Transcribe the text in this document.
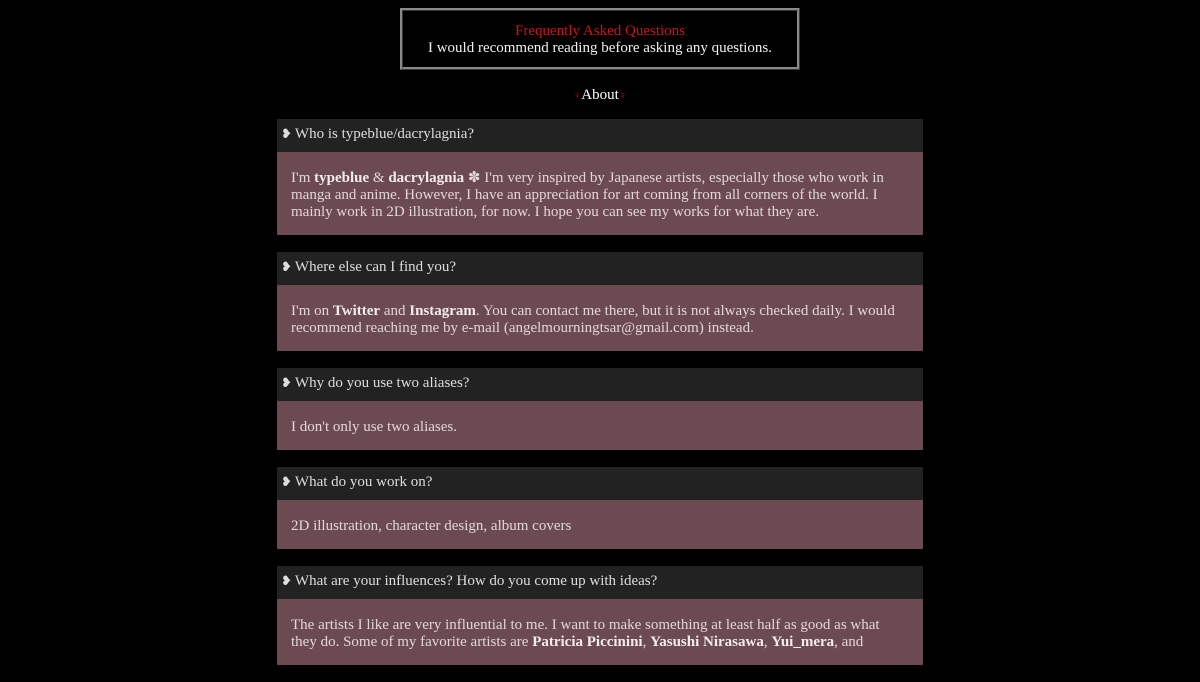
Frequently Asked Questions
I would recommend reading before asking any questions.
♀About♀
❥ Who is typeblue/dacrylagnia?
I'm typeblue & dacrylagnia ✽ I'm very inspired by Japanese artists, especially those who work in manga and anime. However, I have an appreciation for art coming from all corners of the world. I mainly work in 2D illustration, for now. I hope you can see my works for what they are.
❥ Where else can I find you?
I'm on Twitter and Instagram. You can contact me there, but it is not always checked daily. I would recommend reaching me by e-mail (angelmourningtsar@gmail.com) instead.
❥ Why do you use two aliases?
I don't only use two aliases.
❥ What do you work on?
2D illustration, character design, album covers
❥ What are your influences? How do you come up with ideas?
The artists I like are very influential to me. I want to make something at least half as good as what they do. Some of my favorite artists are Patricia Piccinini, Yasushi Nirasawa, Yui_mera, and
